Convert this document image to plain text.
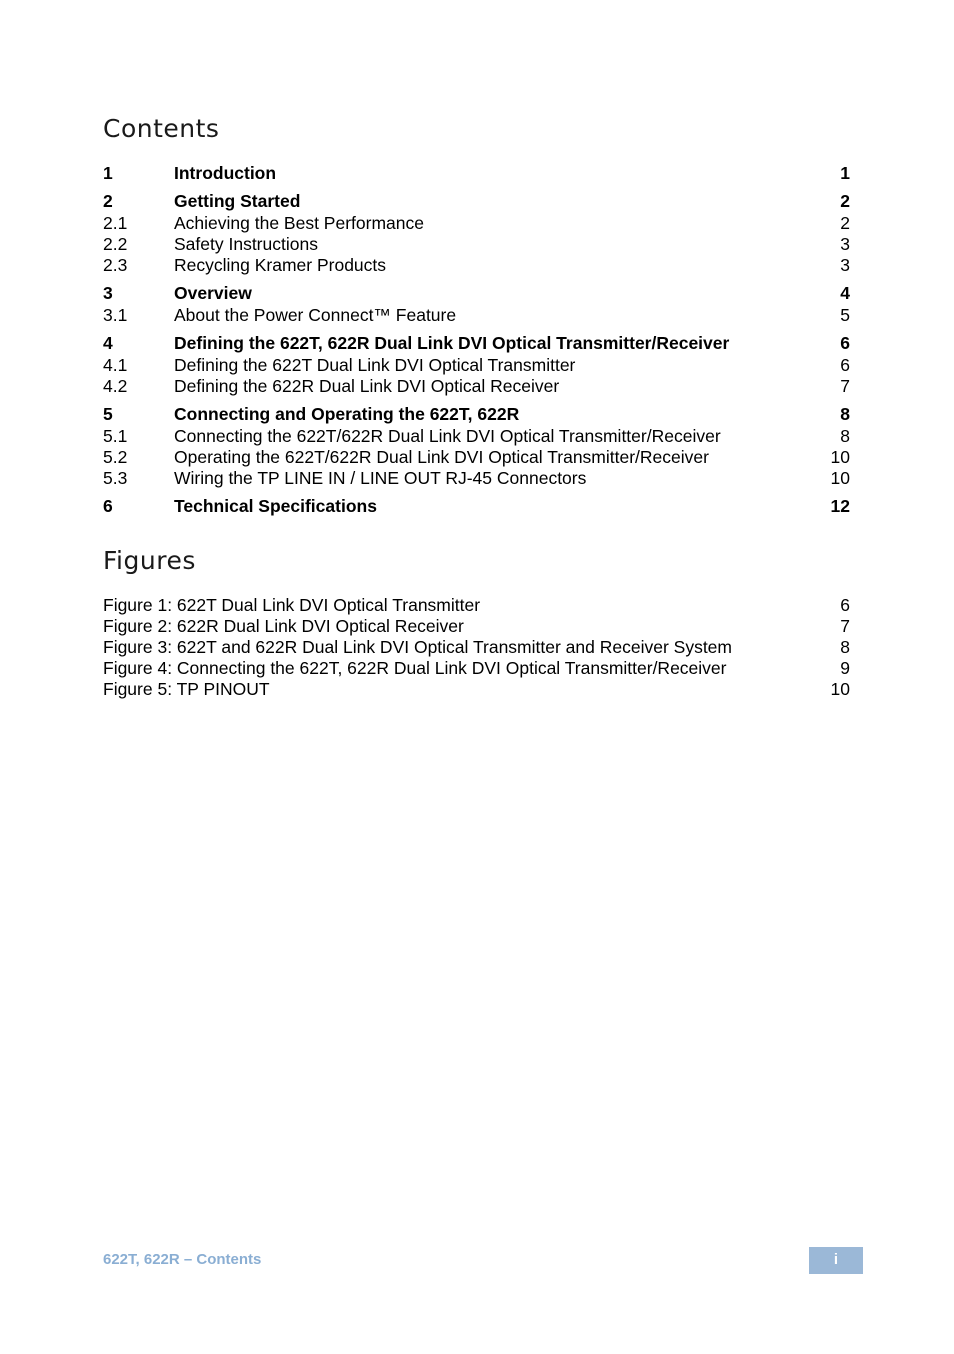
Contents
1	Introduction	1
2	Getting Started	2
2.1	Achieving the Best Performance	2
2.2	Safety Instructions	3
2.3	Recycling Kramer Products	3
3	Overview	4
3.1	About the Power Connect™ Feature	5
4	Defining the 622T, 622R Dual Link DVI Optical Transmitter/Receiver	6
4.1	Defining the 622T Dual Link DVI Optical Transmitter	6
4.2	Defining the 622R Dual Link DVI Optical Receiver	7
5	Connecting and Operating the 622T, 622R	8
5.1	Connecting the 622T/622R Dual Link DVI Optical Transmitter/Receiver	8
5.2	Operating the 622T/622R Dual Link DVI Optical Transmitter/Receiver	10
5.3	Wiring the TP LINE IN / LINE OUT RJ-45 Connectors	10
6	Technical Specifications	12
Figures
Figure 1: 622T Dual Link DVI Optical Transmitter	6
Figure 2: 622R Dual Link DVI Optical Receiver	7
Figure 3: 622T and 622R Dual Link DVI Optical Transmitter and Receiver System	8
Figure 4: Connecting the 622T, 622R Dual Link DVI Optical Transmitter/Receiver	9
Figure 5: TP PINOUT	10
622T, 622R – Contents	i
